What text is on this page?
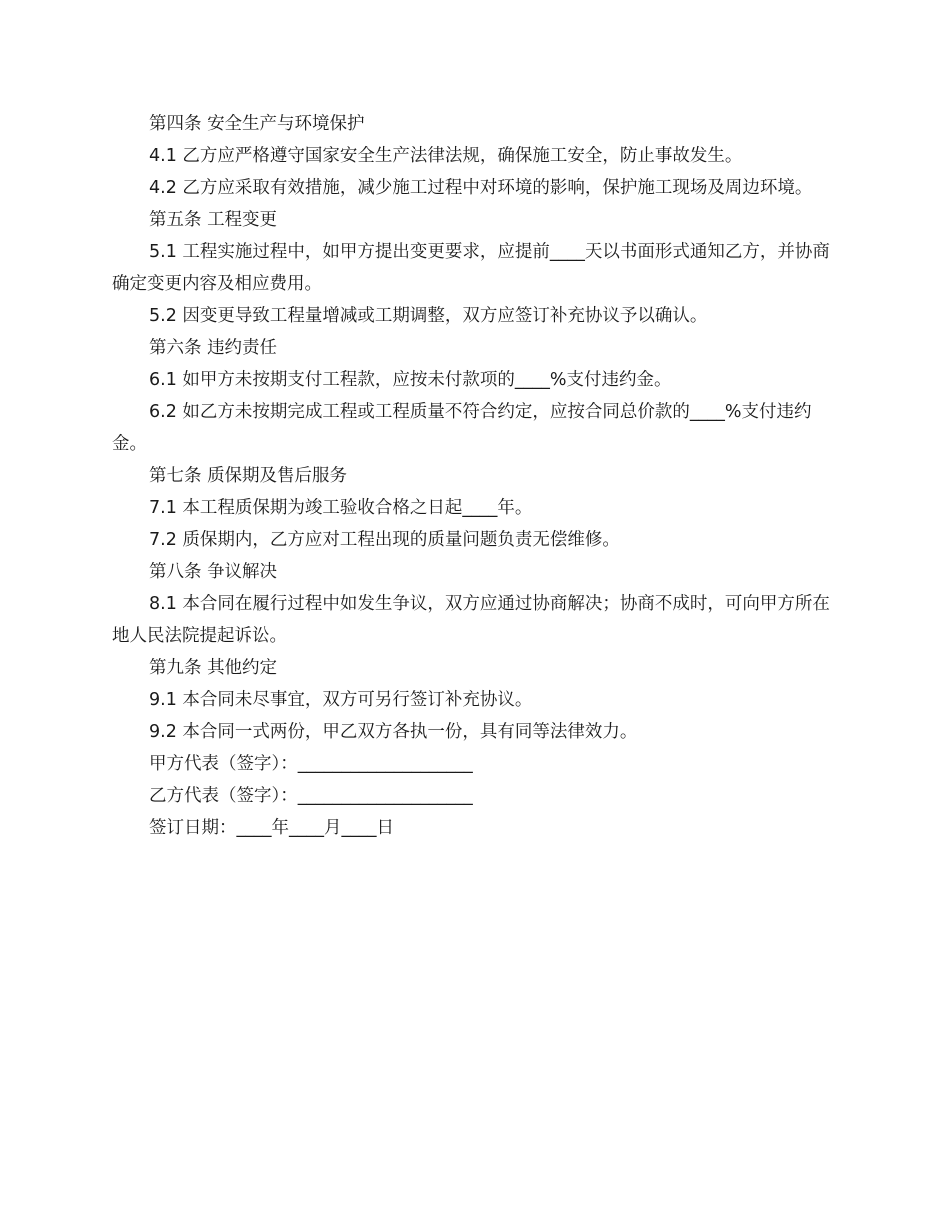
第四条 安全生产与环境保护

4.1 乙方应严格遵守国家安全生产法律法规，确保施工安全，防止事故发生。

4.2 乙方应采取有效措施，减少施工过程中对环境的影响，保护施工现场及周边环境。

第五条 工程变更

5.1 工程实施过程中，如甲方提出变更要求，应提前____天以书面形式通知乙方，并协商确定变更内容及相应费用。

5.2 因变更导致工程量增减或工期调整，双方应签订补充协议予以确认。

第六条 违约责任

6.1 如甲方未按期支付工程款，应按未付款项的____%支付违约金。

6.2 如乙方未按期完成工程或工程质量不符合约定，应按合同总价款的____%支付违约金。

第七条 质保期及售后服务

7.1 本工程质保期为竣工验收合格之日起____年。

7.2 质保期内，乙方应对工程出现的质量问题负责无偿维修。

第八条 争议解决

8.1 本合同在履行过程中如发生争议，双方应通过协商解决；协商不成时，可向甲方所在地人民法院提起诉讼。

第九条 其他约定

9.1 本合同未尽事宜，双方可另行签订补充协议。

9.2 本合同一式两份，甲乙双方各执一份，具有同等法律效力。

甲方代表（签字）：____________________

乙方代表（签字）：____________________

签订日期：____年____月____日
